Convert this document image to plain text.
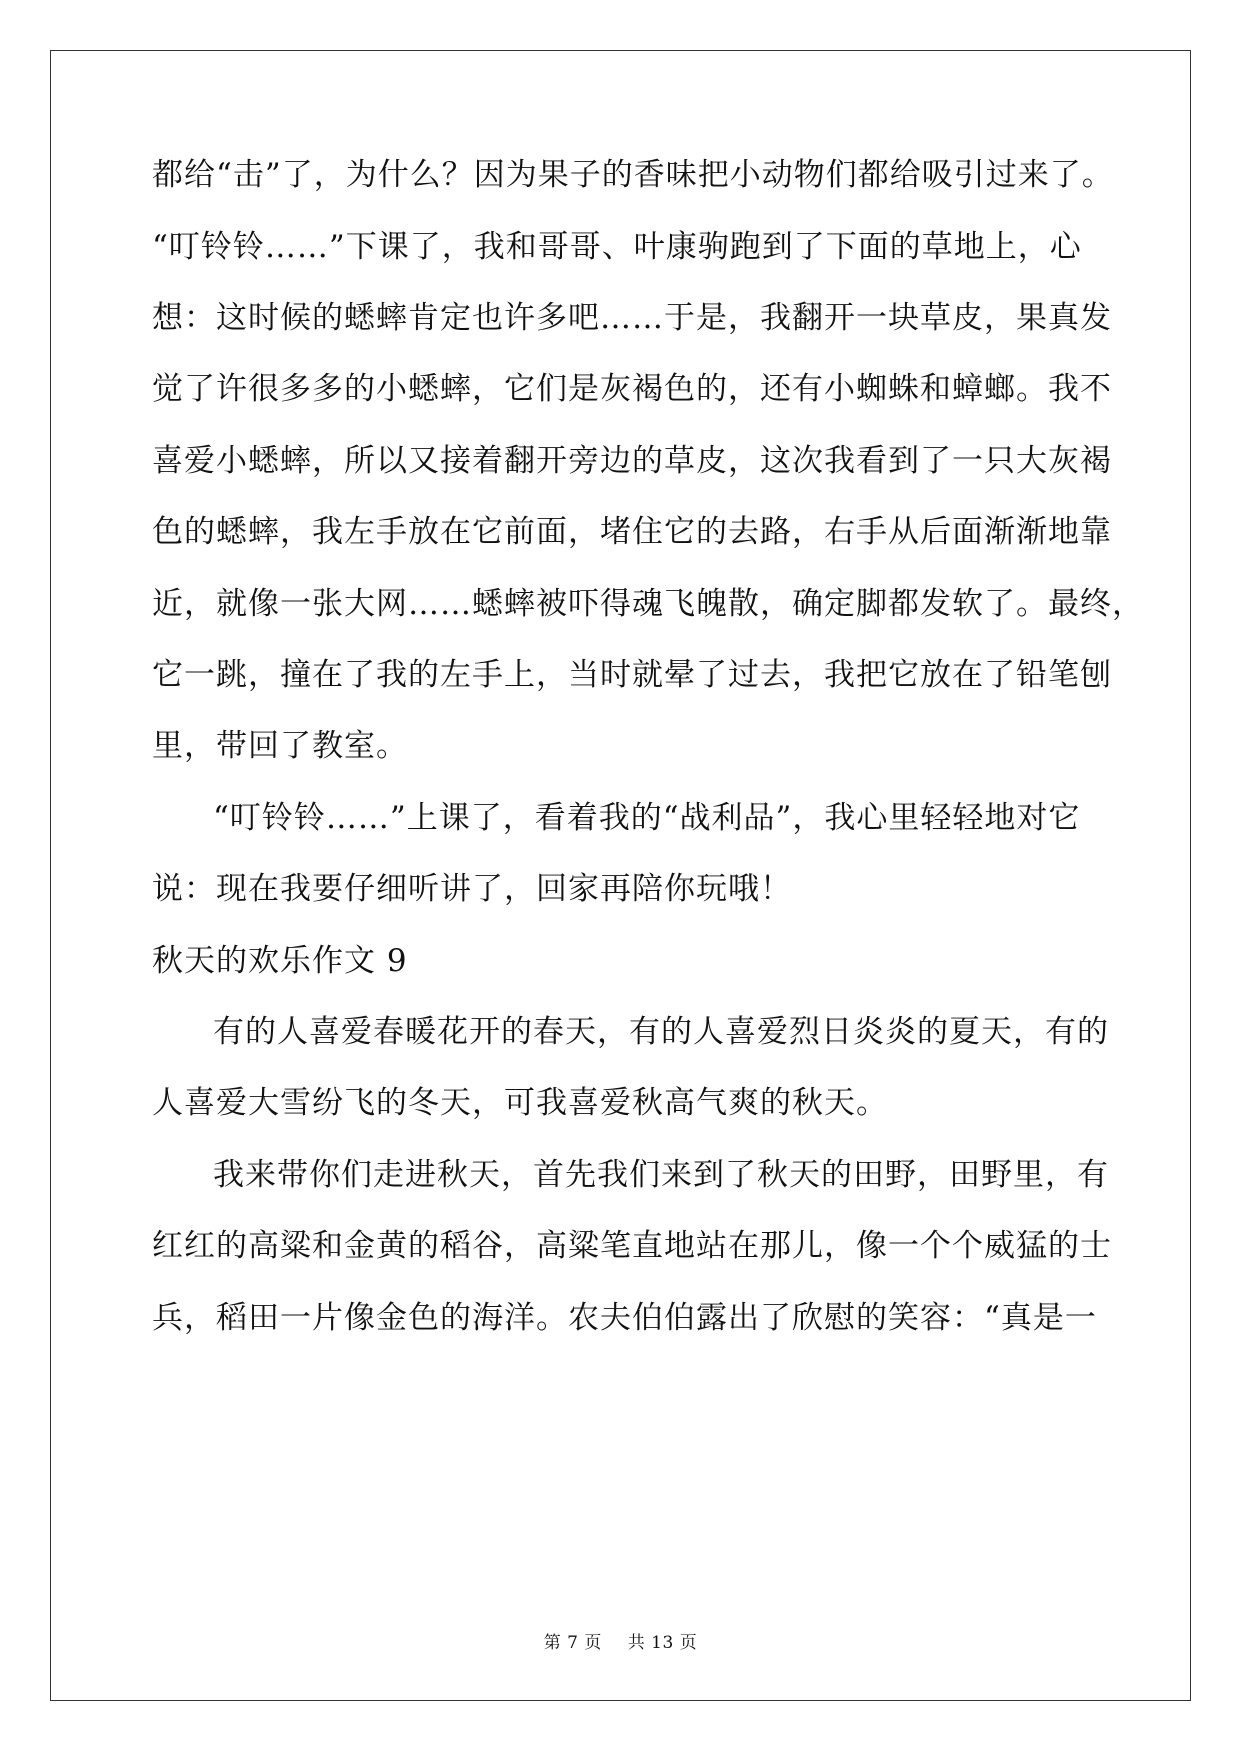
都给“击”了，为什么？因为果子的香味把小动物们都给吸引过来了。
“叮铃铃……”下课了，我和哥哥、叶康驹跑到了下面的草地上，心
想：这时候的蟋蟀肯定也许多吧……于是，我翻开一块草皮，果真发
觉了许很多多的小蟋蟀，它们是灰褐色的，还有小蜘蛛和蟑螂。我不
喜爱小蟋蟀，所以又接着翻开旁边的草皮，这次我看到了一只大灰褐
色的蟋蟀，我左手放在它前面，堵住它的去路，右手从后面渐渐地靠
近，就像一张大网……蟋蟀被吓得魂飞魄散，确定脚都发软了。最终，
它一跳，撞在了我的左手上，当时就晕了过去，我把它放在了铅笔刨
里，带回了教室。
“叮铃铃……”上课了，看着我的“战利品”，我心里轻轻地对它
说：现在我要仔细听讲了，回家再陪你玩哦！
秋天的欢乐作文 9
有的人喜爱春暖花开的春天，有的人喜爱烈日炎炎的夏天，有的
人喜爱大雪纷飞的冬天，可我喜爱秋高气爽的秋天。
我来带你们走进秋天，首先我们来到了秋天的田野，田野里，有
红红的高粱和金黄的稻谷，高粱笔直地站在那儿，像一个个威猛的士
兵，稻田一片像金色的海洋。农夫伯伯露出了欣慰的笑容：“真是一
第 7 页 共 13 页
